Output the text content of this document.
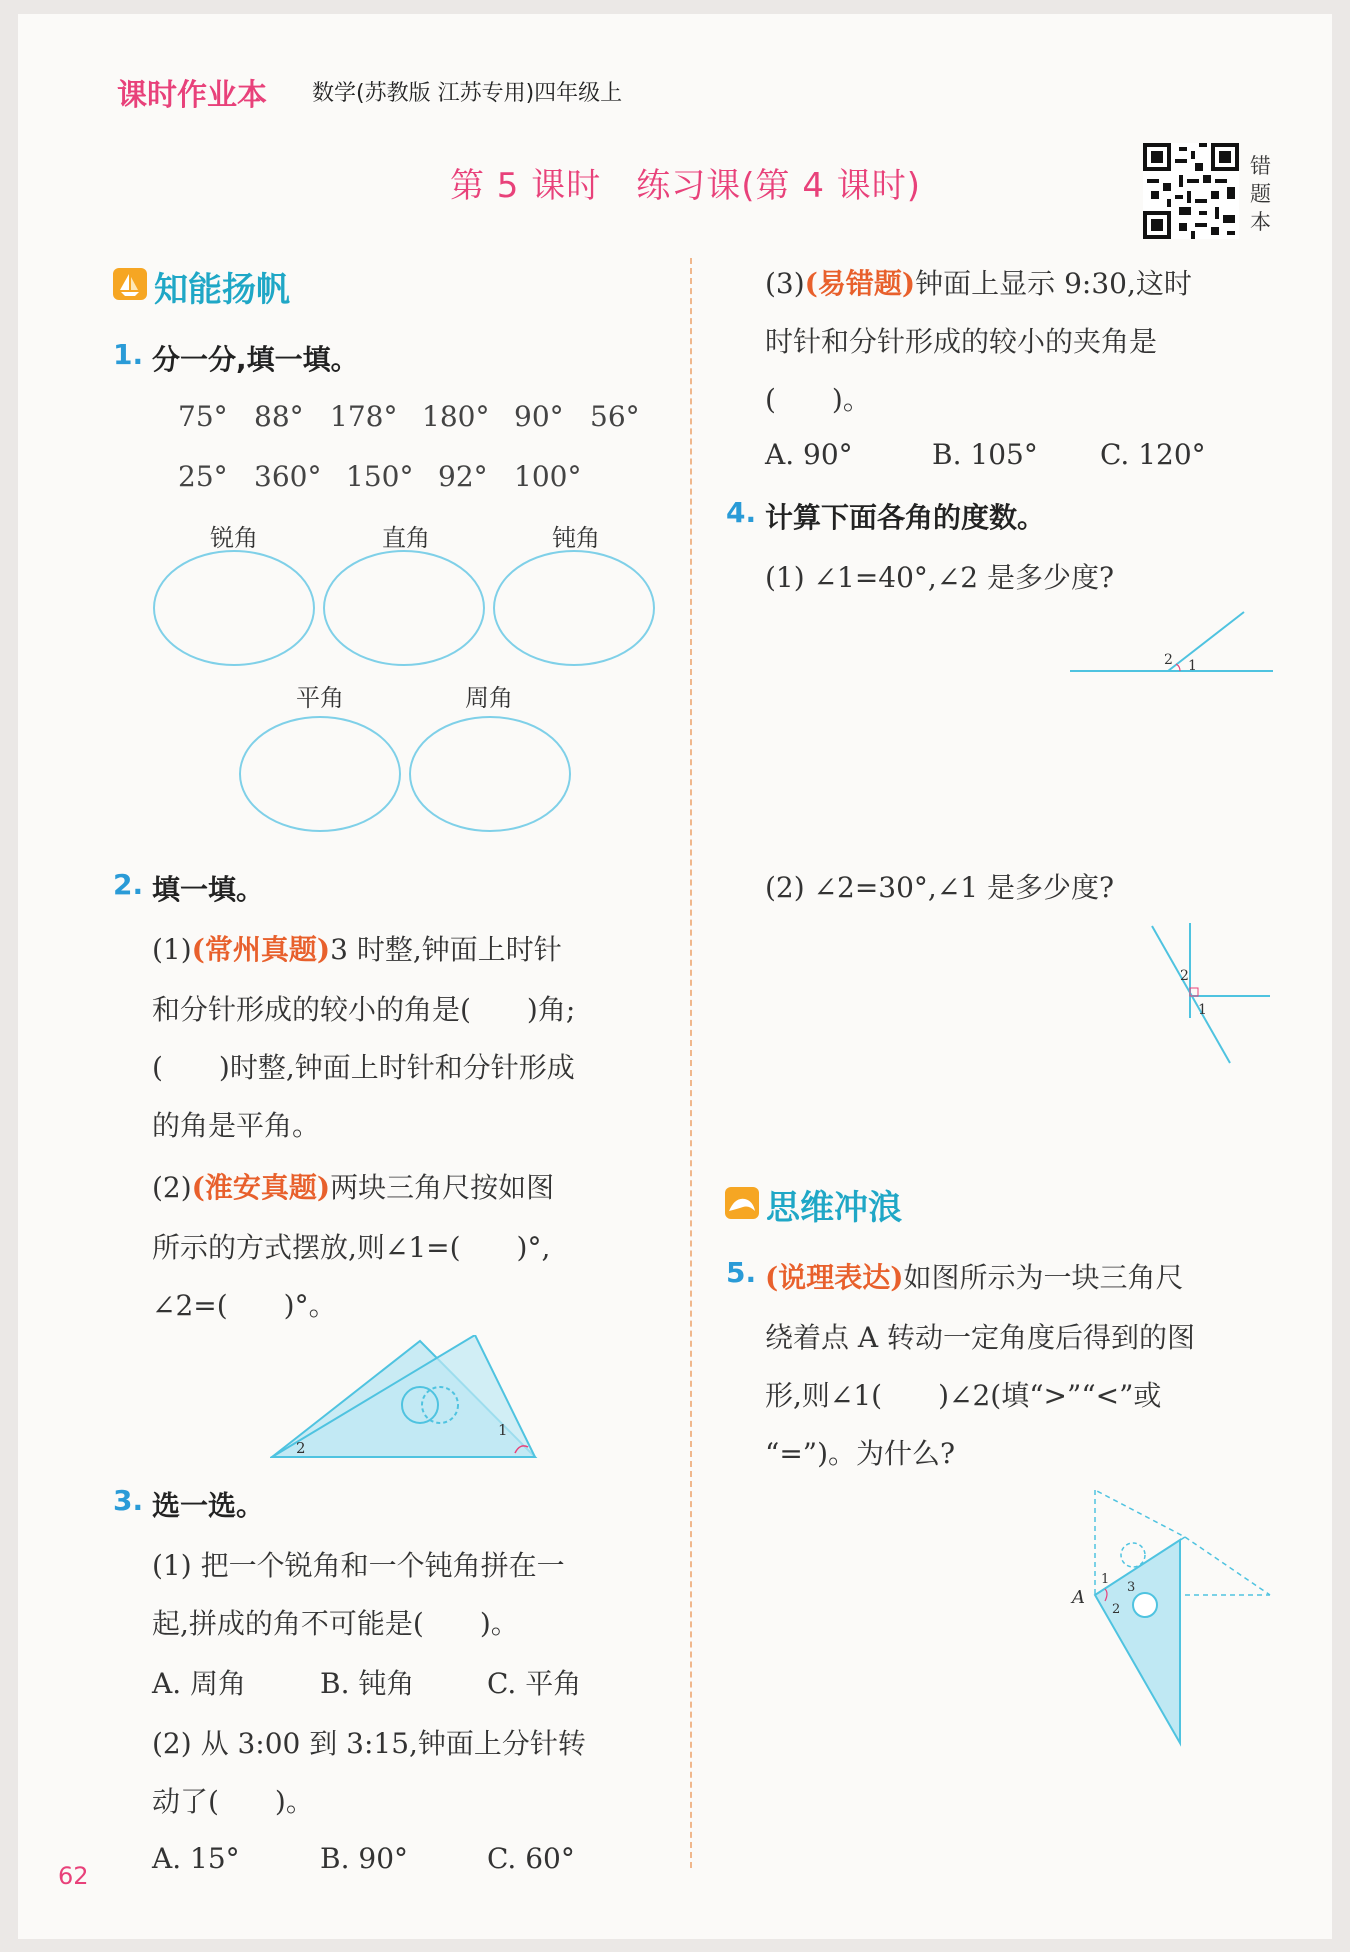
课时作业本 数学(苏教版 江苏专用)四年级上
第 5 课时　练习课(第 4 课时)	错
题
本
知能扬帆
1. 分一分,填一填。
75° 88° 178° 180° 90° 56°
25° 360° 150° 92° 100°
锐角	直角	钝角
平角	周角
2. 填一填。
(1)(常州真题)3 时整,钟面上时针
和分针形成的较小的角是(　　)角;
(　　)时整,钟面上时针和分针形成
的角是平角。
(2)(淮安真题)两块三角尺按如图
所示的方式摆放,则∠1=(　　)°,
∠2=(　　)°。
1
2
3. 选一选。
(1) 把一个锐角和一个钝角拼在一
起,拼成的角不可能是(　　)。
A. 周角	B. 钝角	C. 平角
(2) 从 3:00 到 3:15,钟面上分针转
动了(　　)。
A. 15°	B. 90°	C. 60°
(3)(易错题)钟面上显示 9:30,这时
时针和分针形成的较小的夹角是
(　　)。
A. 90°	B. 105° C. 120°
4. 计算下面各角的度数。
(1) ∠1=40°,∠2 是多少度?
2 1
(2) ∠2=30°,∠1 是多少度?
2
1
思维冲浪
5. (说理表达)如图所示为一块三角尺
绕着点 A 转动一定角度后得到的图
形,则∠1(　　)∠2(填“>”“<”或
“=”)。为什么?
A
1
3
2
62
